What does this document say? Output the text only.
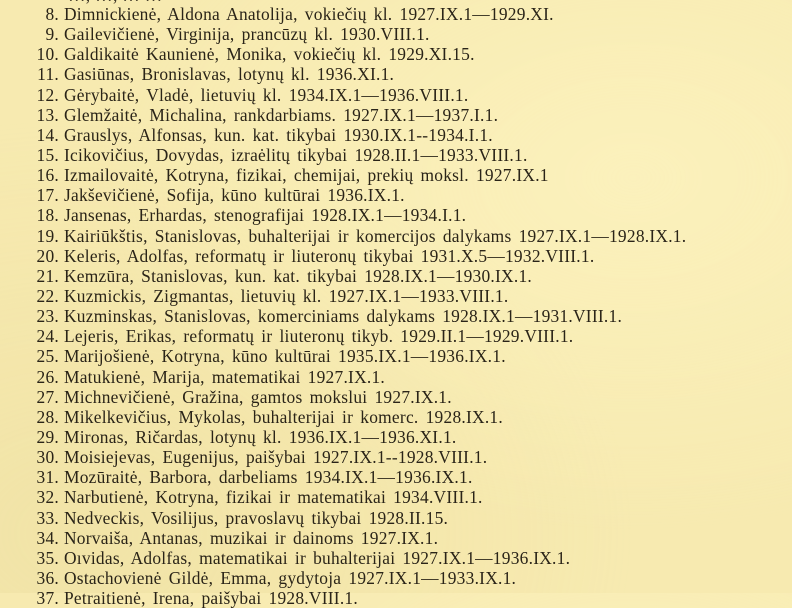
8. Dimnickienė, Aldona Anatolija, vokiečių kl. 1927.IX.1—1929.XI.
9. Gailevičienė, Virginija, prancūzų kl. 1930.VIII.1.
10. Galdikaitė Kaunienė, Monika, vokiečių kl. 1929.XI.15.
11. Gasiūnas, Bronislavas, lotynų kl. 1936.XI.1.
12. Gėrybaitė, Vladė, lietuvių kl. 1934.IX.1—1936.VIII.1.
13. Glemžaitė, Michalina, rankdarbiams. 1927.IX.1—1937.I.1.
14. Grauslys, Alfonsas, kun. kat. tikybai 1930.IX.1--1934.I.1.
15. Icikovičius, Dovydas, izraėlitų tikybai 1928.II.1—1933.VIII.1.
16. Izmailovaitė, Kotryna, fizikai, chemijai, prekių moksl. 1927.IX.1
17. Jakševičienė, Sofija, kūno kultūrai 1936.IX.1.
18. Jansenas, Erhardas, stenografijai 1928.IX.1—1934.I.1.
19. Kairiūkštis, Stanislovas, buhalterijai ir komercijos dalykams 1927.IX.1—1928.IX.1.
20. Keleris, Adolfas, reformatų ir liuteronų tikybai 1931.X.5—1932.VIII.1.
21. Kemzūra, Stanislovas, kun. kat. tikybai 1928.IX.1—1930.IX.1.
22. Kuzmickis, Zigmantas, lietuvių kl. 1927.IX.1—1933.VIII.1.
23. Kuzminskas, Stanislovas, komerciniams dalykams 1928.IX.1—1931.VIII.1.
24. Lejeris, Erikas, reformatų ir liuteronų tikyb. 1929.II.1—1929.VIII.1.
25. Marijošienė, Kotryna, kūno kultūrai 1935.IX.1—1936.IX.1.
26. Matukienė, Marija, matematikai 1927.IX.1.
27. Michnevičienė, Gražina, gamtos mokslui 1927.IX.1.
28. Mikelkevičius, Mykolas, buhalterijai ir komerc. 1928.IX.1.
29. Mironas, Ričardas, lotynų kl. 1936.IX.1—1936.XI.1.
30. Moisiejevas, Eugenijus, paišybai 1927.IX.1--1928.VIII.1.
31. Mozūraitė, Barbora, darbeliams 1934.IX.1—1936.IX.1.
32. Narbutienė, Kotryna, fizikai ir matematikai 1934.VIII.1.
33. Nedveckis, Vosilijus, pravoslavų tikybai 1928.II.15.
34. Norvaiša, Antanas, muzikai ir dainoms 1927.IX.1.
35. Oıvidas, Adolfas, matematikai ir buhalterijai 1927.IX.1—1936.IX.1.
36. Ostachovienė Gildė, Emma, gydytoja 1927.IX.1—1933.IX.1.
37. Petraitienė, Irena, paišybai 1928.VIII.1.
